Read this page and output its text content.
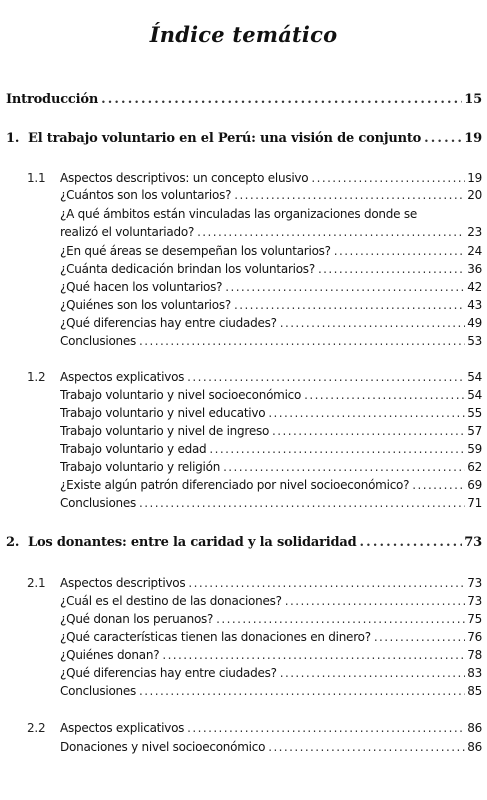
Índice temático
Introducción . . .	15
1. El trabajo voluntario en el Perú: una visión de conjunto . . .	19
1.1	Aspectos descriptivos: un concepto elusivo . . .	19
¿Cuántos son los voluntarios? . . .	20
¿A qué ámbitos están vinculadas las organizaciones donde se
realizó el voluntariado? . . .	23
¿En qué áreas se desempeñan los voluntarios? . . .	24
¿Cuánta dedicación brindan los voluntarios? . . .	36
¿Qué hacen los voluntarios? . . .	42
¿Quiénes son los voluntarios? . . .	43
¿Qué diferencias hay entre ciudades? . . .	49
Conclusiones . . .	53
1.2	Aspectos explicativos . . .	54
Trabajo voluntario y nivel socioeconómico . . .	54
Trabajo voluntario y nivel educativo . . .	55
Trabajo voluntario y nivel de ingreso . . .	57
Trabajo voluntario y edad . . .	59
Trabajo voluntario y religión . . .	62
¿Existe algún patrón diferenciado por nivel socioeconómico? . . .	69
Conclusiones . . .	71
2. Los donantes: entre la caridad y la solidaridad . . .	73
2.1	Aspectos descriptivos . . .	73
¿Cuál es el destino de las donaciones? . . .	73
¿Qué donan los peruanos? . . .	75
¿Qué características tienen las donaciones en dinero? . . .	76
¿Quiénes donan? . . .	78
¿Qué diferencias hay entre ciudades? . . .	83
Conclusiones . . .	85
2.2	Aspectos explicativos . . .	86
Donaciones y nivel socioeconómico . . .	86
